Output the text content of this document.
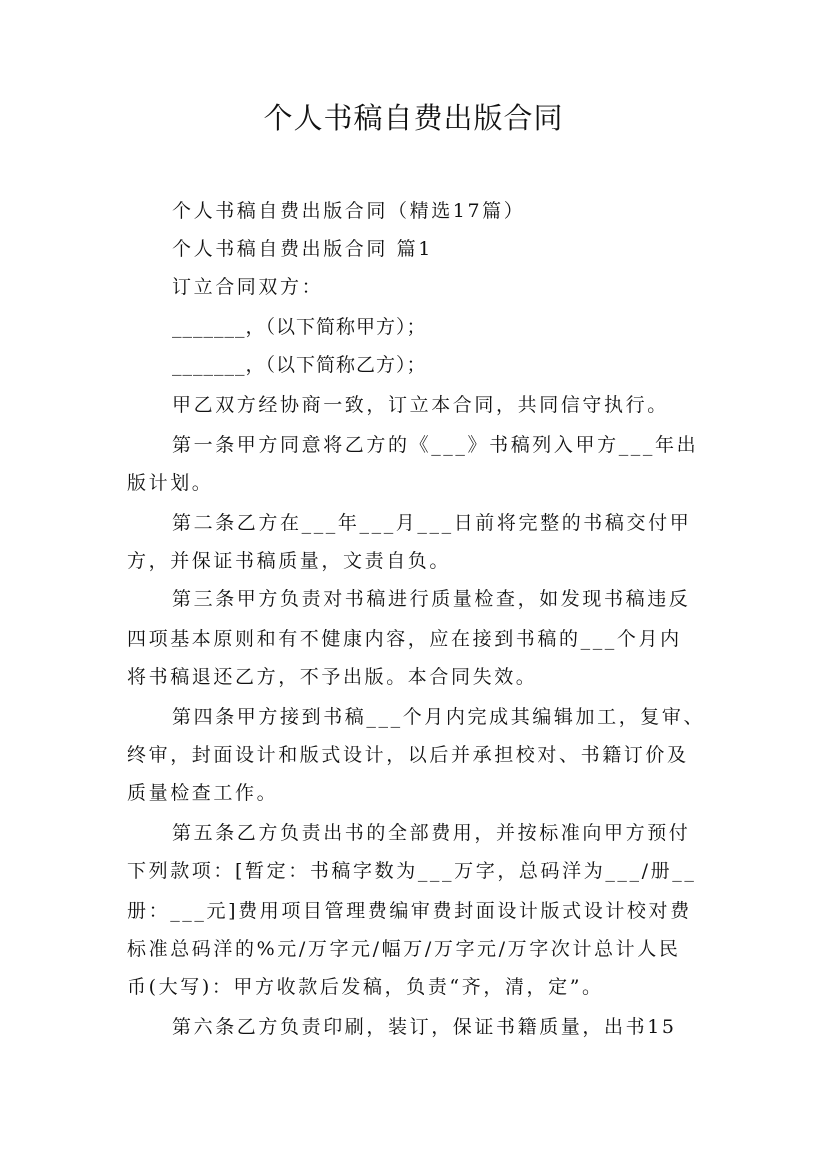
个人书稿自费出版合同
个人书稿自费出版合同（精选17篇）
个人书稿自费出版合同 篇1
订立合同双方：
_______，（以下简称甲方）；
_______，（以下简称乙方）；
甲乙双方经协商一致，订立本合同，共同信守执行。
第一条甲方同意将乙方的《___》书稿列入甲方___年出
版计划。
第二条乙方在___年___月___日前将完整的书稿交付甲
方，并保证书稿质量，文责自负。
第三条甲方负责对书稿进行质量检查，如发现书稿违反
四项基本原则和有不健康内容，应在接到书稿的___个月内
将书稿退还乙方，不予出版。本合同失效。
第四条甲方接到书稿___个月内完成其编辑加工，复审、
终审，封面设计和版式设计，以后并承担校对、书籍订价及
质量检查工作。
第五条乙方负责出书的全部费用，并按标准向甲方预付
下列款项：[暂定：书稿字数为___万字，总码洋为___/册__
册：___元]费用项目管理费编审费封面设计版式设计校对费
标准总码洋的%元/万字元/幅万/万字元/万字次计总计人民
币(大写)：甲方收款后发稿，负责“齐，清，定”。
第六条乙方负责印刷，装订，保证书籍质量，出书15
